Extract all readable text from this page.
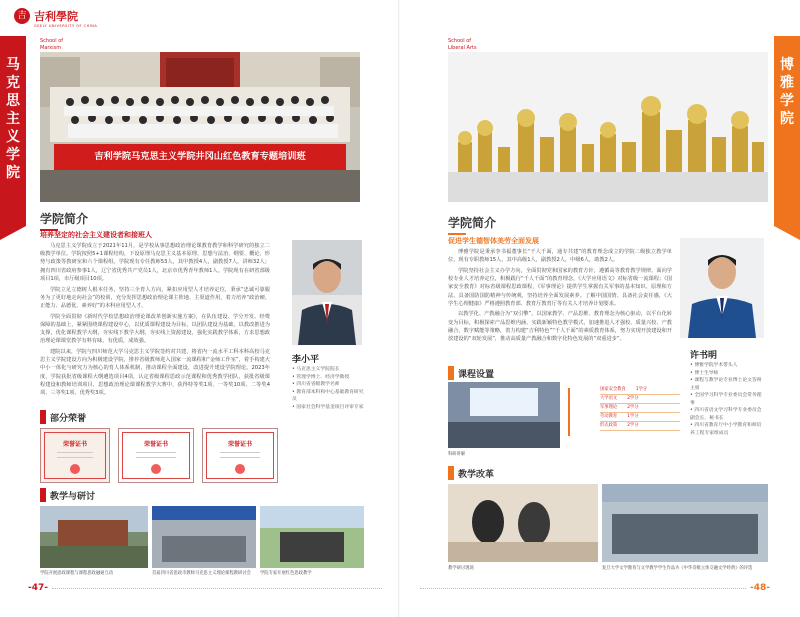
吉 吉利學院
GEELY UNIVERSITY OF CHINA
School of
Marxism
马
克
思
主
义
学
院
吉利学院马克思主义学院井冈山红色教育专题培训班
学院简介
培养坚定的社会主义建设者和接班人

马克思主义学院成立于2021年11月，是学校从事思想政治理论课教育教学和科学研究的独立二级教学单位。学院按照5+1课程结构，下设原理马克思主义基本原理、思想与法治、纲要、概论、形势与政策等教研室和六个课程组。学院现有专任教师53人，其中教授4人，副教授7人，讲师32人；拥有四川省政府参事1人，辽宁省优秀共产党员1人，北京市优秀青年教师1人。学院现有在研省部级项目1项，市厅级项目10项。

学院立足立德树人根本任务，坚持三全育人方向，紧扣应用型人才培养定位，秉承“忠诚可靠服务为了更好地走向社会”的校训，充分发挥思想政治理论课主阵地、主渠道作用，着力培养“政治硬、正能力、品德优、素养好”的本科应用型人才。

学院全面贯彻《新时代学校思想政治理论课改革创新实施方案》，在队伍建设、学分开发、经费保障的基础上，紧紧围绕课程建设中心，以优质课程建设为目标，以团队建设为基础，以教改推进为支撑，优化课程教学大纲，夯实线下教学大纲，夯实线上资源建设，强化实践教学体系，方求思想政治理论课课堂教学有料有味，有优质，成效强。

建院以来，学院与四川师范大学马克思主义学院签约对共建，将省内一流水平工科本科高校马克思主义学院建设方向为积极建设学院，推荐省级教师进入国家一流课程和“金师工作室”，着手构建大中小一体化与研究力为核心的育人体系机制，推动课程全面建设，改进提升建设学院理论。2023年度，学院获批省级课程大纲遴选项目4项，认定省级课程思政示范课程和优秀教学团队，获批省级课程建设和教师培训项目，思想政治理论课课程教学大赛中，获得特等奖1项、一等奖10项、二等奖4项、三等奖1项、优秀奖3项。

李小平
• 马克思主义学院院长
• 管理学博士、经济学教授
• 四川省省级教学名师
• 教育部本科和中心基础教育研究员
• 国家社会科学基金项目评审专家
部分荣誉
荣誉证书	荣誉证书	荣誉证书
教学与研讨
学院开展思政课程与课程思政融通互动	首届四川省思政市教师马克思主义理论课程教研讨会	学院专家开展红色思政教学
-47-
School of
Liberal Arts
博
雅
学
院
学院简介
促进学生德智体美劳全面发展

博雅学院是秉承李书福董事长“千人千面，通专共建”的教育理念成立的学院二级独立教学单位，现有专职教师15人，其中高级1人，副教授2人，中级6人，助教2人。

学院坚持社会主义办学方向，全面贯彻党和国家的教育方针，遵循高等教育教学规律。面向学校专业人才培养定位，积极践行“千人千面”的教育理念，《大学应用语文》对标省级一流课程；《国家安全教育》对标省级课程思政课程，《军事理论》提供学生掌握有关军事的基本知识、原理和方法，具备国防国防精神与传统观，坚持培养全面发展素养。了解中国国情、具备社会责任感，《大学生心理健康》严格遵照教育部、教育厅教育厅等有关人才培养计划要求。

以教学化、产教融合为“双引擎”，以国家教学、产品思维、教育理念为核心驱动，以平台化转变为目标，积极探索产品思维内涵、实践新颖特色教学模式，加速推进人才强校、质量兴校、产教融合、数字赋能等策略，着力构建“吉利特色”“千人千面”的素质教育体系，努力实现开放建设和开放建设的“双轮发展”，推动高质量产教融合和数字化特色发展的“双重进步”。

许书明
• 博雅学院学术带头人
• 博士生导师
• 课程与教学论专业博士论文答辩主席
• 全国学习科学专业委员会常务理事
• 四川省语文学习科学专业委员会副会长、秘书长
• 四川省教育厅中小学教育和师培养工程专家组成员
课程设置
科研讲解
国家安全教育 1学分
大学语文 2学分
军事理论 2学分
劳动教育 1学分
形式政策 2学分
教学改革
教学研讨现场	复旦大学文学教育与文学教学学生作品为《中华诗歌立体交融文学经典》的评选
-48-
